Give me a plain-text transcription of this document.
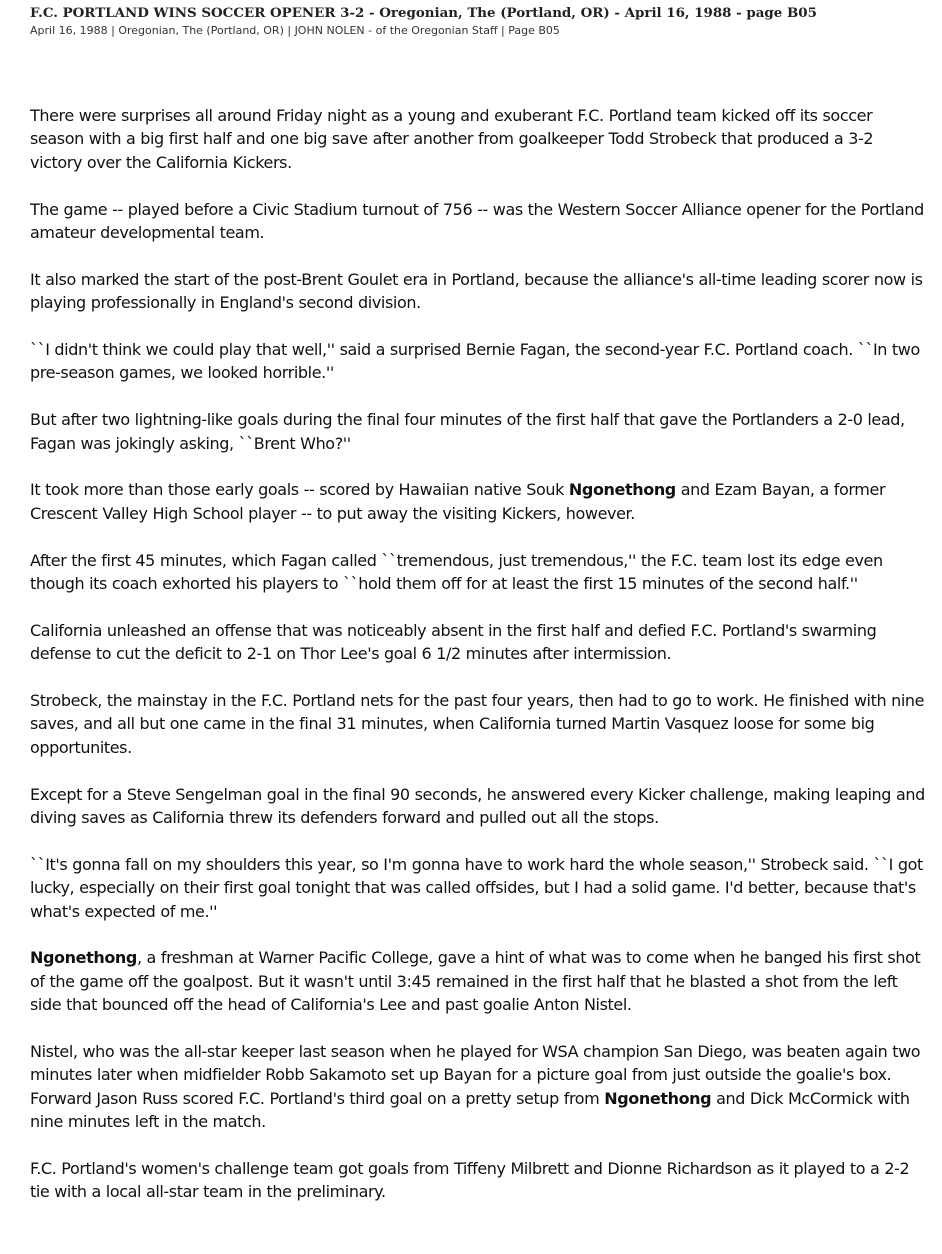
F.C. PORTLAND WINS SOCCER OPENER 3-2 - Oregonian, The (Portland, OR) - April 16, 1988 - page B05
April 16, 1988 | Oregonian, The (Portland, OR) | JOHN NOLEN - of the Oregonian Staff | Page B05

There were surprises all around Friday night as a young and exuberant F.C. Portland team kicked off its soccer season with a big first half and one big save after another from goalkeeper Todd Strobeck that produced a 3-2 victory over the California Kickers.

The game -- played before a Civic Stadium turnout of 756 -- was the Western Soccer Alliance opener for the Portland amateur developmental team.

It also marked the start of the post-Brent Goulet era in Portland, because the alliance's all-time leading scorer now is playing professionally in England's second division.

``I didn't think we could play that well,'' said a surprised Bernie Fagan, the second-year F.C. Portland coach. ``In two pre-season games, we looked horrible.''

But after two lightning-like goals during the final four minutes of the first half that gave the Portlanders a 2-0 lead, Fagan was jokingly asking, ``Brent Who?''

It took more than those early goals -- scored by Hawaiian native Souk Ngonethong and Ezam Bayan, a former Crescent Valley High School player -- to put away the visiting Kickers, however.

After the first 45 minutes, which Fagan called ``tremendous, just tremendous,'' the F.C. team lost its edge even though its coach exhorted his players to ``hold them off for at least the first 15 minutes of the second half.''

California unleashed an offense that was noticeably absent in the first half and defied F.C. Portland's swarming defense to cut the deficit to 2-1 on Thor Lee's goal 6 1/2 minutes after intermission.

Strobeck, the mainstay in the F.C. Portland nets for the past four years, then had to go to work. He finished with nine saves, and all but one came in the final 31 minutes, when California turned Martin Vasquez loose for some big opportunites.

Except for a Steve Sengelman goal in the final 90 seconds, he answered every Kicker challenge, making leaping and diving saves as California threw its defenders forward and pulled out all the stops.

``It's gonna fall on my shoulders this year, so I'm gonna have to work hard the whole season,'' Strobeck said. ``I got lucky, especially on their first goal tonight that was called offsides, but I had a solid game. I'd better, because that's what's expected of me.''

Ngonethong, a freshman at Warner Pacific College, gave a hint of what was to come when he banged his first shot of the game off the goalpost. But it wasn't until 3:45 remained in the first half that he blasted a shot from the left side that bounced off the head of California's Lee and past goalie Anton Nistel.

Nistel, who was the all-star keeper last season when he played for WSA champion San Diego, was beaten again two minutes later when midfielder Robb Sakamoto set up Bayan for a picture goal from just outside the goalie's box. Forward Jason Russ scored F.C. Portland's third goal on a pretty setup from Ngonethong and Dick McCormick with nine minutes left in the match.

F.C. Portland's women's challenge team got goals from Tiffeny Milbrett and Dionne Richardson as it played to a 2-2 tie with a local all-star team in the preliminary.
